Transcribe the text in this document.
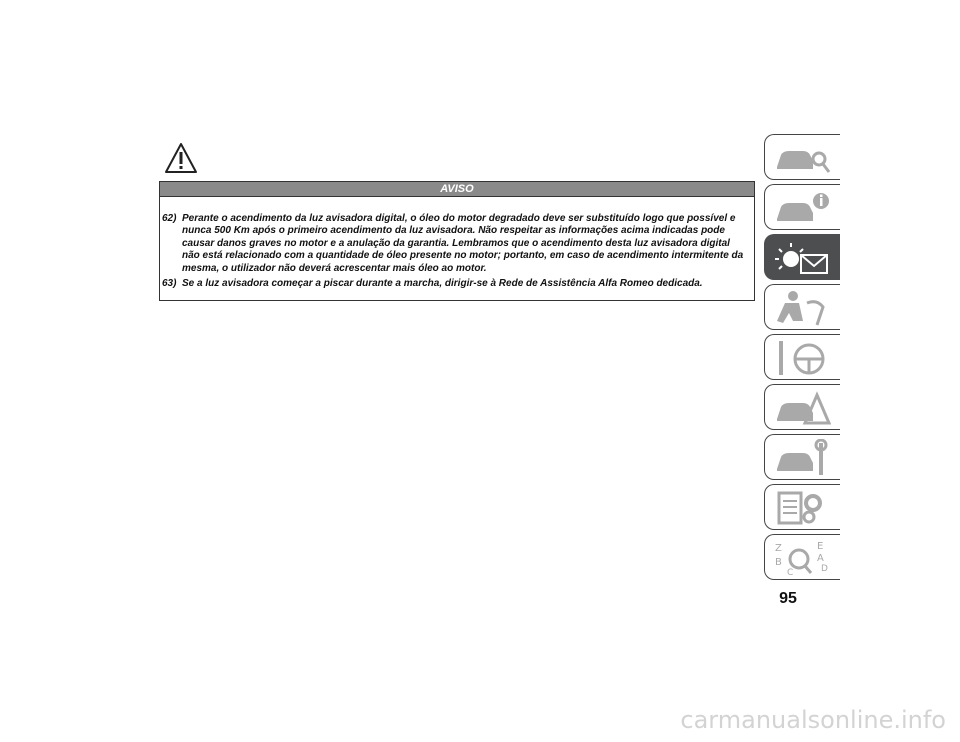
AVISO
62) Perante o acendimento da luz avisadora digital, o óleo do motor degradado deve ser substituído logo que possível e nunca 500 Km após o primeiro acendimento da luz avisadora. Não respeitar as informações acima indicadas pode causar danos graves no motor e a anulação da garantia. Lembramos que o acendimento desta luz avisadora digital não está relacionado com a quantidade de óleo presente no motor; portanto, em caso de acendimento intermitente da mesma, o utilizador não deverá acrescentar mais óleo ao motor.
63) Se a luz avisadora começar a piscar durante a marcha, dirigir-se à Rede de Assistência Alfa Romeo dedicada.
Z
B
E
A
D
C
95
carmanualsonline.info
